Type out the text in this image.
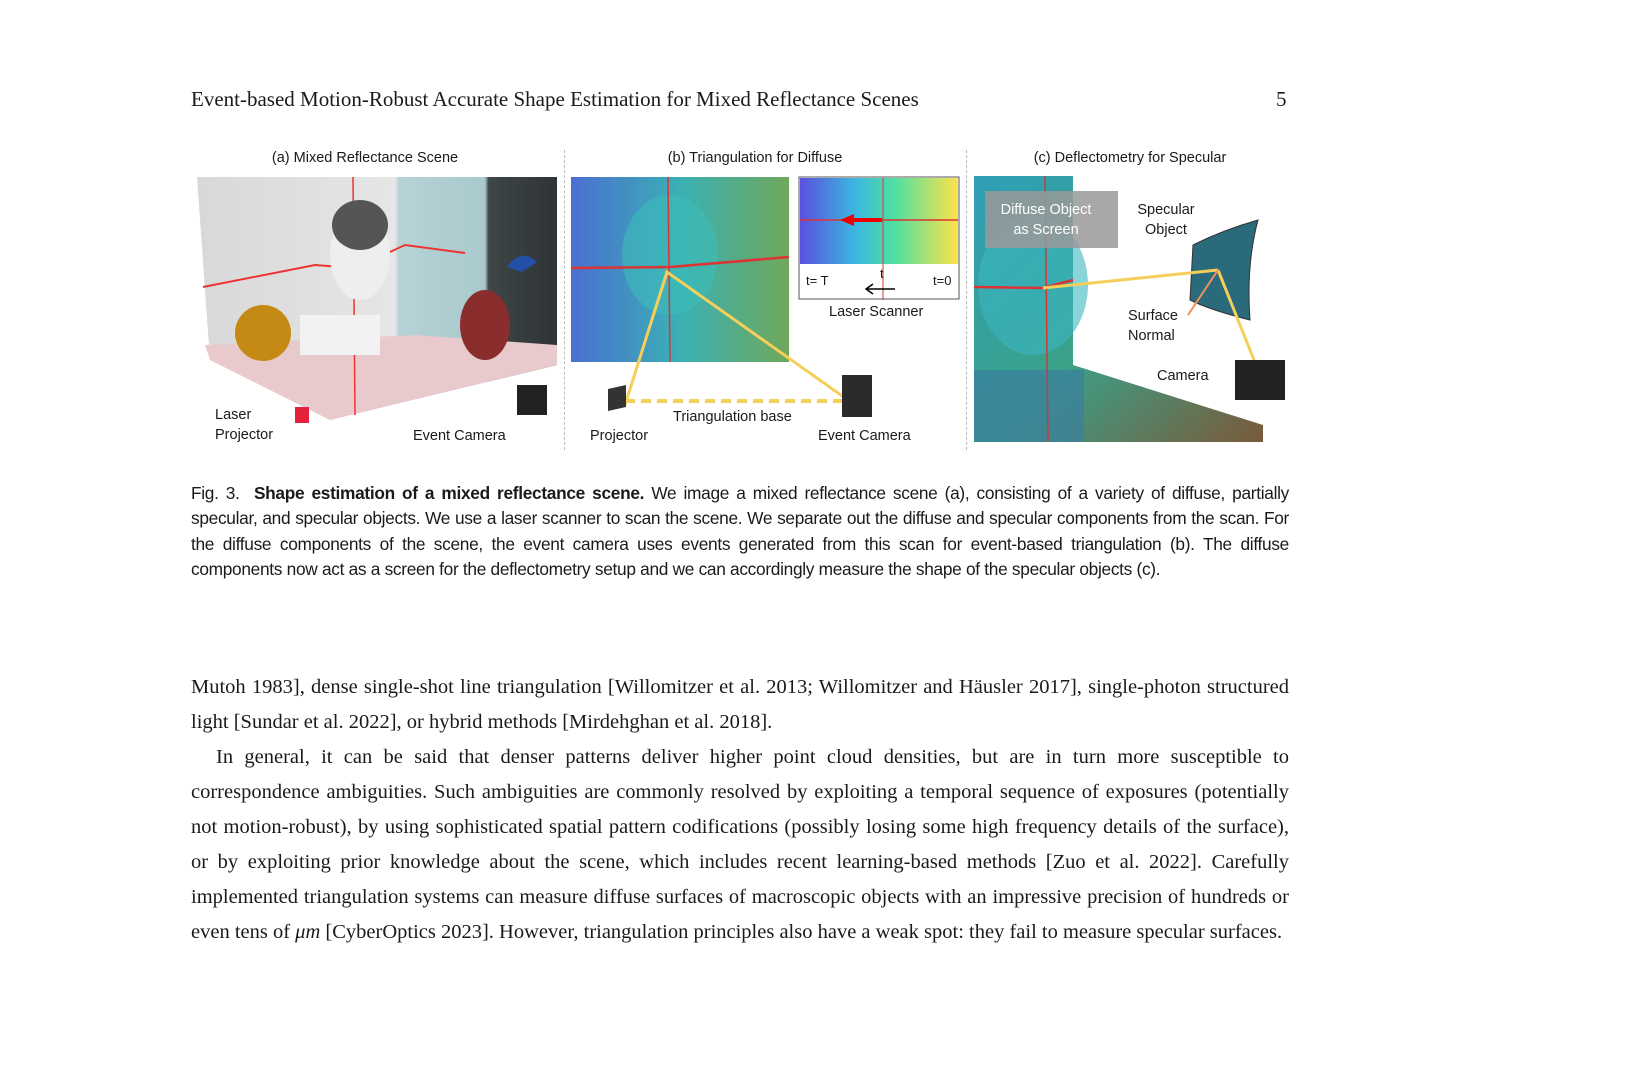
Event-based Motion-Robust Accurate Shape Estimation for Mixed Reflectance Scenes	5
(a) Mixed Reflectance Scene
Laser
Projector	Event Camera
(b) Triangulation for Diffuse
t= T	t	t=0
Laser Scanner
Projector
Triangulation base
Event Camera
(c) Deflectometry for Specular
Diffuse Object
as Screen
Specular
Object
Surface
Normal
Camera
Fig. 3. Shape estimation of a mixed reflectance scene. We image a mixed reflectance scene (a), consisting of a variety of diffuse, partially specular, and specular objects. We use a laser scanner to scan the scene. We separate out the diffuse and specular components from the scan. For the diffuse components of the scene, the event camera uses events generated from this scan for event-based triangulation (b). The diffuse components now act as a screen for the deflectometry setup and we can accordingly measure the shape of the specular objects (c).

Mutoh 1983], dense single-shot line triangulation [Willomitzer et al. 2013; Willomitzer and Häusler 2017], single-photon structured light [Sundar et al. 2022], or hybrid methods [Mirdehghan et al. 2018].

In general, it can be said that denser patterns deliver higher point cloud densities, but are in turn more susceptible to correspondence ambiguities. Such ambiguities are commonly resolved by exploiting a temporal sequence of exposures (potentially not motion-robust), by using sophisticated spatial pattern codifications (possibly losing some high frequency details of the surface), or by exploiting prior knowledge about the scene, which includes recent learning-based methods [Zuo et al. 2022]. Carefully implemented triangulation systems can measure diffuse surfaces of macroscopic objects with an impressive precision of hundreds or even tens of μm [CyberOptics 2023]. However, triangulation principles also have a weak spot: they fail to measure specular surfaces.
